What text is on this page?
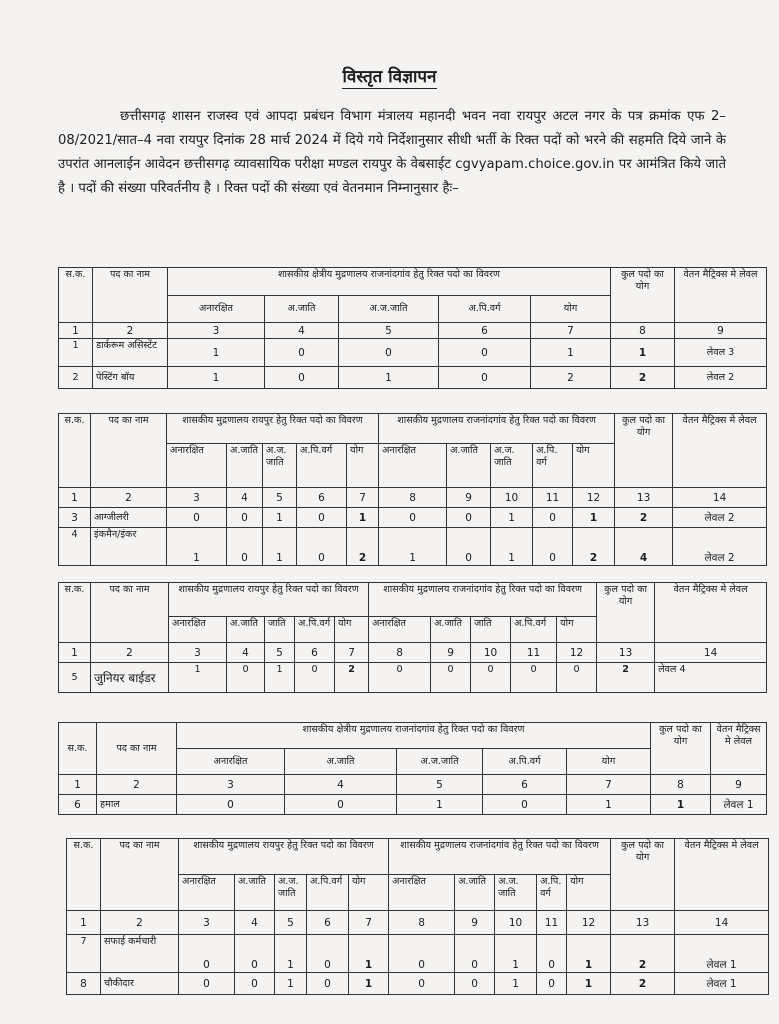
विस्तृत विज्ञापन
छत्तीसगढ़ शासन राजस्व एवं आपदा प्रबंधन विभाग मंत्रालय महानदी भवन नवा रायपुर अटल नगर के पत्र क्रमांक एफ 2–08/2021/सात–4 नवा रायपुर दिनांक 28 मार्च 2024 में दिये गये निर्देशानुसार सीधी भर्ती के रिक्त पदों को भरने की सहमति दिये जाने के उपरांत आनलाईन आवेदन छत्तीसगढ़ व्यावसायिक परीक्षा मण्डल रायपुर के वेबसाईट cgvyapam.choice.gov.in पर आमंत्रित किये जाते है । पदों की संख्या परिवर्तनीय है । रिक्त पदों की संख्या एवं वेतनमान निम्नानुसार हैः–
स.क.	पद का नाम	शासकीय क्षेत्रीय मुद्रणालय राजनांदगांव हेतु रिक्त पदो का विवरण					कुल पदो का योग	वेतन मैट्रिक्स मे लेवल
		अनारक्षित	अ.जाति	अ.ज.जाति	अ.पि.वर्ग	योग		
1	2	3	4	5	6	7	8	9
1	डार्करूम असिस्टेंट	1	0	0	0	1	1	लेवल 3
2	पेस्टिंग बॉय	1	0	1	0	2	2	लेवल 2
स.क.	पद का नाम	शासकीय मुद्रणालय रायपुर हेतु रिक्त पदो का विवरण					शासकीय मुद्रणालय राजनांदगांव हेतु रिक्त पदो का विवरण					कुल पदो का योग	वेतन मैट्रिक्स मे लेवल
		अनारक्षित	अ.जाति	अ.ज. जाति	अ.पि.वर्ग	योग	अनारक्षित	अ.जाति	अ.ज. जाति	अ.पि. वर्ग	योग		
1	2	3	4	5	6	7	8	9	10	11	12	13	14
3	आग्जीलरी	0	0	1	0	1	0	0	1	0	1	2	लेवल 2
4	इंकमैन/इंकर	1	0	1	0	2	1	0	1	0	2	4	लेवल 2
स.क.	पद का नाम	शासकीय मुद्रणालय रायपुर हेतु रिक्त पदो का विवरण					शासकीय मुद्रणालय राजनांदगांव हेतु रिक्त पदो का विवरण					कुल पदो का योग	वेतन मैट्रिक्स मे लेवल
		अनारक्षित	अ.जाति	जाति	अ.पि.वर्ग	योग	अनारक्षित	अ.जाति	जाति	अ.पि.वर्ग	योग		
1	2	3	4	5	6	7	8	9	10	11	12	13	14
5	जुनियर बाईडर	1	0	1	0	2	0	0	0	0	0	2	लेवल 4
स.क.	पद का नाम	शासकीय क्षेत्रीय मुद्रणालय राजनांदगांव हेतु रिक्त पदो का विवरण					कुल पदो का योग	वेतन मैट्रिक्स मे लेवल
		अनारक्षित	अ.जाति	अ.ज.जाति	अ.पि.वर्ग	योग		
1	2	3	4	5	6	7	8	9
6	हमाल	0	0	1	0	1	1	लेवल 1
स.क.	पद का नाम	शासकीय मुद्रणालय रायपुर हेतु रिक्त पदो का विवरण					शासकीय मुद्रणालय राजनांदगांव हेतु रिक्त पदो का विवरण					कुल पदो का योग	वेतन मैट्रिक्स मे लेवल
		अनारक्षित	अ.जाति	अ.ज. जाति	अ.पि.वर्ग	योग	अनारक्षित	अ.जाति	अ.ज. जाति	अ.पि. वर्ग	योग		
1	2	3	4	5	6	7	8	9	10	11	12	13	14
7	सफाई कर्मचारी	0	0	1	0	1	0	0	1	0	1	2	लेवल 1
8	चौकीदार	0	0	1	0	1	0	0	1	0	1	2	लेवल 1
